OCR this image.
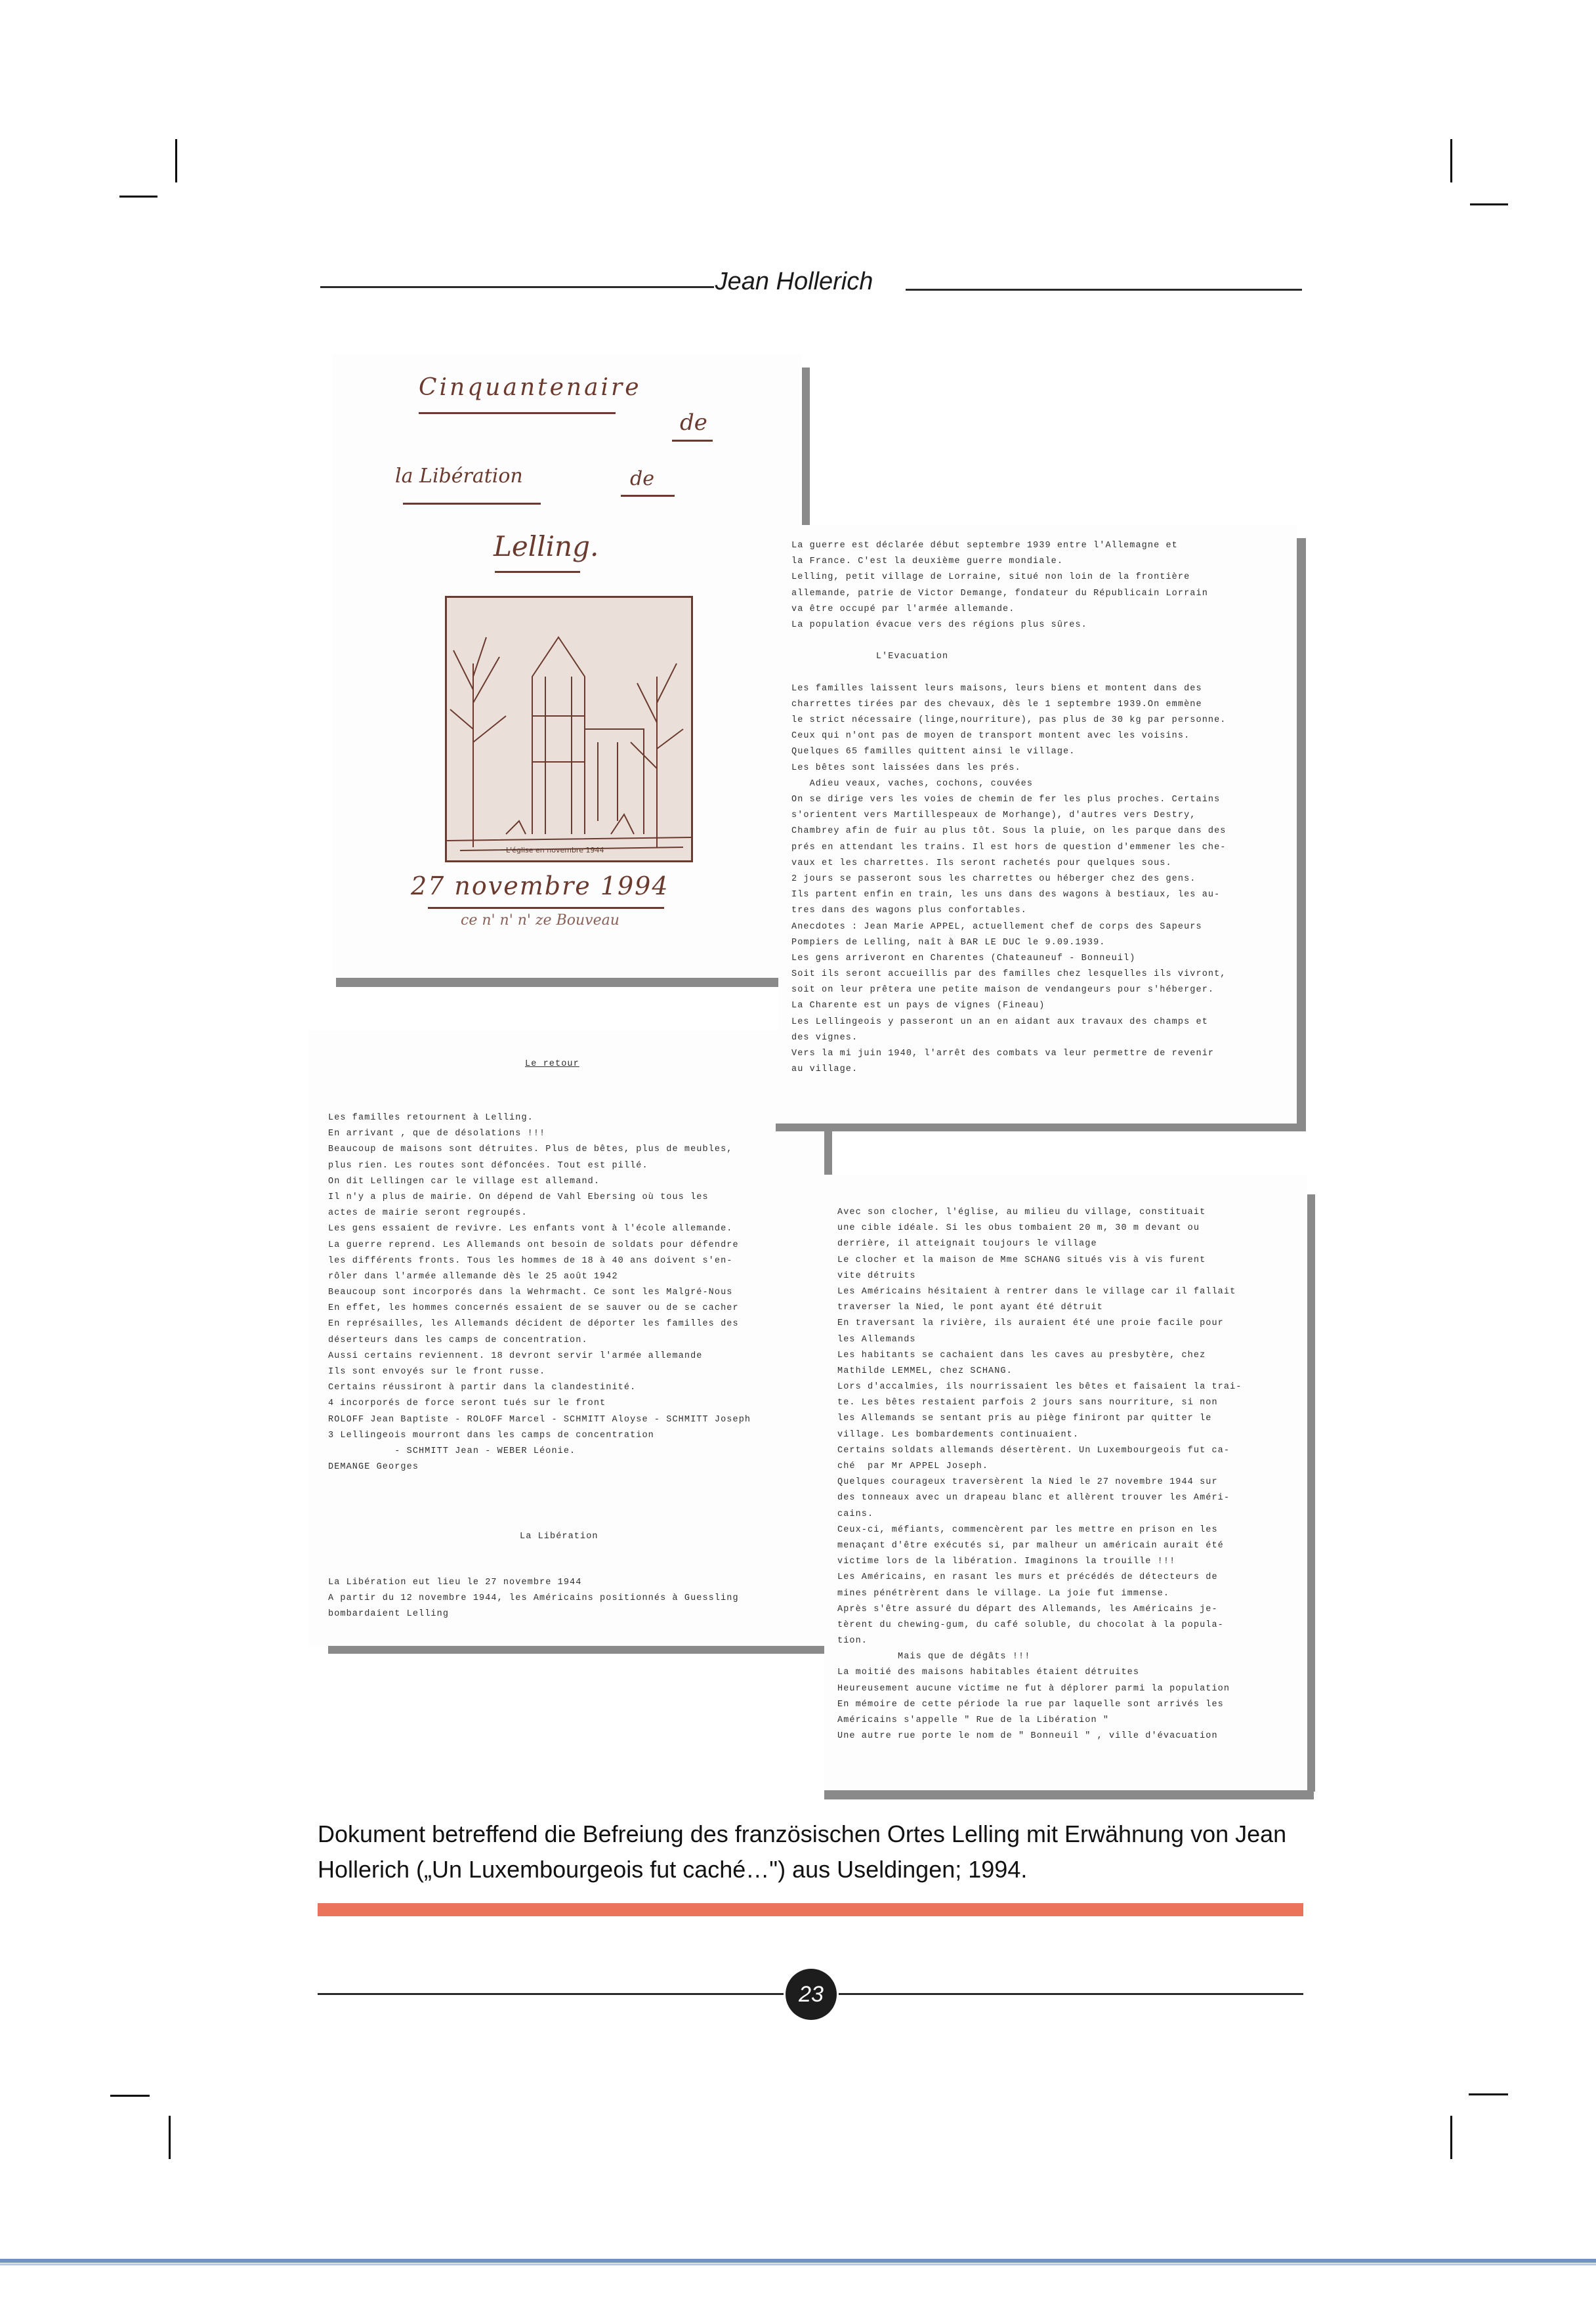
Jean Hollerich
Le retour
Les familles retournent à Lelling.
En arrivant , que de désolations !!!
Beaucoup de maisons sont détruites. Plus de bêtes, plus de meubles,
plus rien. Les routes sont défoncées. Tout est pillé.
On dit Lellingen car le village est allemand.
Il n'y a plus de mairie. On dépend de Vahl Ebersing où tous les
actes de mairie seront regroupés.
Les gens essaient de revivre. Les enfants vont à l'école allemande.
La guerre reprend. Les Allemands ont besoin de soldats pour défendre
les différents fronts. Tous les hommes de 18 à 40 ans doivent s'en-
rôler dans l'armée allemande dès le 25 août 1942
Beaucoup sont incorporés dans la Wehrmacht. Ce sont les Malgré-Nous
En effet, les hommes concernés essaient de se sauver ou de se cacher
En représailles, les Allemands décident de déporter les familles des
déserteurs dans les camps de concentration.
Aussi certains reviennent. 18 devront servir l'armée allemande
Ils sont envoyés sur le front russe.
Certains réussiront à partir dans la clandestinité.
4 incorporés de force seront tués sur le front
ROLOFF Jean Baptiste - ROLOFF Marcel - SCHMITT Aloyse - SCHMITT Joseph
3 Lellingeois mourront dans les camps de concentration
- SCHMITT Jean - WEBER Léonie.
DEMANGE Georges
La Libération
La Libération eut lieu le 27 novembre 1944
A partir du 12 novembre 1944, les Américains positionnés à Guessling
bombardaient Lelling
Avec son clocher, l'église, au milieu du village, constituait
une cible idéale. Si les obus tombaient 20 m, 30 m devant ou
derrière, il atteignait toujours le village
Le clocher et la maison de Mme SCHANG situés vis à vis furent
vite détruits
Les Américains hésitaient à rentrer dans le village car il fallait
traverser la Nied, le pont ayant été détruit
En traversant la rivière, ils auraient été une proie facile pour
les Allemands
Les habitants se cachaient dans les caves au presbytère, chez
Mathilde LEMMEL, chez SCHANG.
Lors d'accalmies, ils nourrissaient les bêtes et faisaient la trai-
te. Les bêtes restaient parfois 2 jours sans nourriture, si non
les Allemands se sentant pris au piège finiront par quitter le
village. Les bombardements continuaient.
Certains soldats allemands désertèrent. Un Luxembourgeois fut ca-
ché  par Mr APPEL Joseph.
Quelques courageux traversèrent la Nied le 27 novembre 1944 sur
des tonneaux avec un drapeau blanc et allèrent trouver les Améri-
cains.
Ceux-ci, méfiants, commencèrent par les mettre en prison en les
menaçant d'être exécutés si, par malheur un américain aurait été
victime lors de la libération. Imaginons la trouille !!!
Les Américains, en rasant les murs et précédés de détecteurs de
mines pénétrèrent dans le village. La joie fut immense.
Après s'être assuré du départ des Allemands, les Américains je-
tèrent du chewing-gum, du café soluble, du chocolat à la popula-
tion.
Mais que de dégâts !!!
La moitié des maisons habitables étaient détruites
Heureusement aucune victime ne fut à déplorer parmi la population
En mémoire de cette période la rue par laquelle sont arrivés les
Américains s'appelle " Rue de la Libération "
Une autre rue porte le nom de " Bonneuil " , ville d'évacuation
Cinquantenaire
de
la Libération	de
Lelling.
L'église en novembre 1944
27 novembre 1994
ce n' n' n' ze Bouveau
La guerre est déclarée début septembre 1939 entre l'Allemagne et
la France. C'est la deuxième guerre mondiale.
Lelling, petit village de Lorraine, situé non loin de la frontière
allemande, patrie de Victor Demange, fondateur du Républicain Lorrain
va être occupé par l'armée allemande.
La population évacue vers des régions plus sûres.
L'Evacuation
Les familles laissent leurs maisons, leurs biens et montent dans des
charrettes tirées par des chevaux, dès le 1 septembre 1939.On emmène
le strict nécessaire (linge,nourriture), pas plus de 30 kg par personne.
Ceux qui n'ont pas de moyen de transport montent avec les voisins.
Quelques 65 familles quittent ainsi le village.
Les bêtes sont laissées dans les prés.
Adieu veaux, vaches, cochons, couvées
On se dirige vers les voies de chemin de fer les plus proches. Certains
s'orientent vers Martillespeaux de Morhange), d'autres vers Destry,
Chambrey afin de fuir au plus tôt. Sous la pluie, on les parque dans des
prés en attendant les trains. Il est hors de question d'emmener les che-
vaux et les charrettes. Ils seront rachetés pour quelques sous.
2 jours se passeront sous les charrettes ou héberger chez des gens.
Ils partent enfin en train, les uns dans des wagons à bestiaux, les au-
tres dans des wagons plus confortables.
Anecdotes : Jean Marie APPEL, actuellement chef de corps des Sapeurs
Pompiers de Lelling, naît à BAR LE DUC le 9.09.1939.
Les gens arriveront en Charentes (Chateauneuf - Bonneuil)
Soit ils seront accueillis par des familles chez lesquelles ils vivront,
soit on leur prêtera une petite maison de vendangeurs pour s'héberger.
La Charente est un pays de vignes (Fineau)
Les Lellingeois y passeront un an en aidant aux travaux des champs et
des vignes.
Vers la mi juin 1940, l'arrêt des combats va leur permettre de revenir
au village.
Dokument betreffend die Befreiung des französischen Ortes Lelling mit Erwähnung von Jean Hollerich („Un Luxembourgeois fut caché…") aus Useldingen; 1994.
23
